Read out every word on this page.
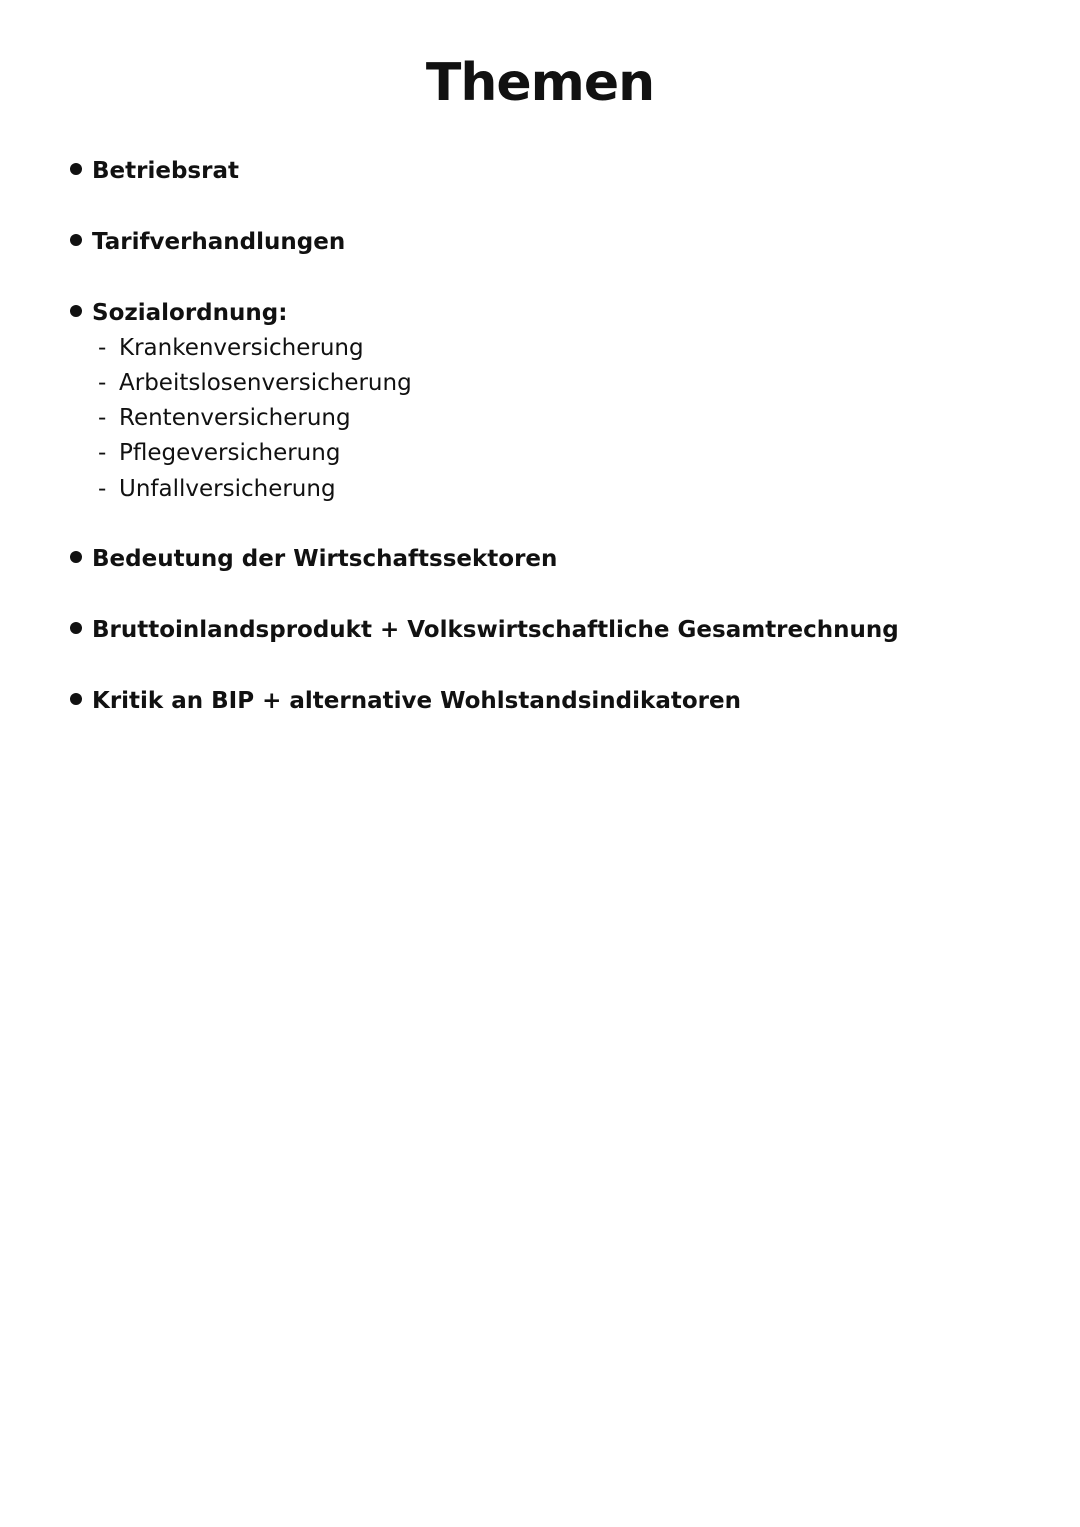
Themen
Betriebsrat
Tarifverhandlungen
Sozialordnung:
- Krankenversicherung
- Arbeitslosenversicherung
- Rentenversicherung
- Pflegeversicherung
- Unfallversicherung
Bedeutung der Wirtschaftssektoren
Bruttoinlandsprodukt + Volkswirtschaftliche Gesamtrechnung
Kritik an BIP + alternative Wohlstandsindikatoren
